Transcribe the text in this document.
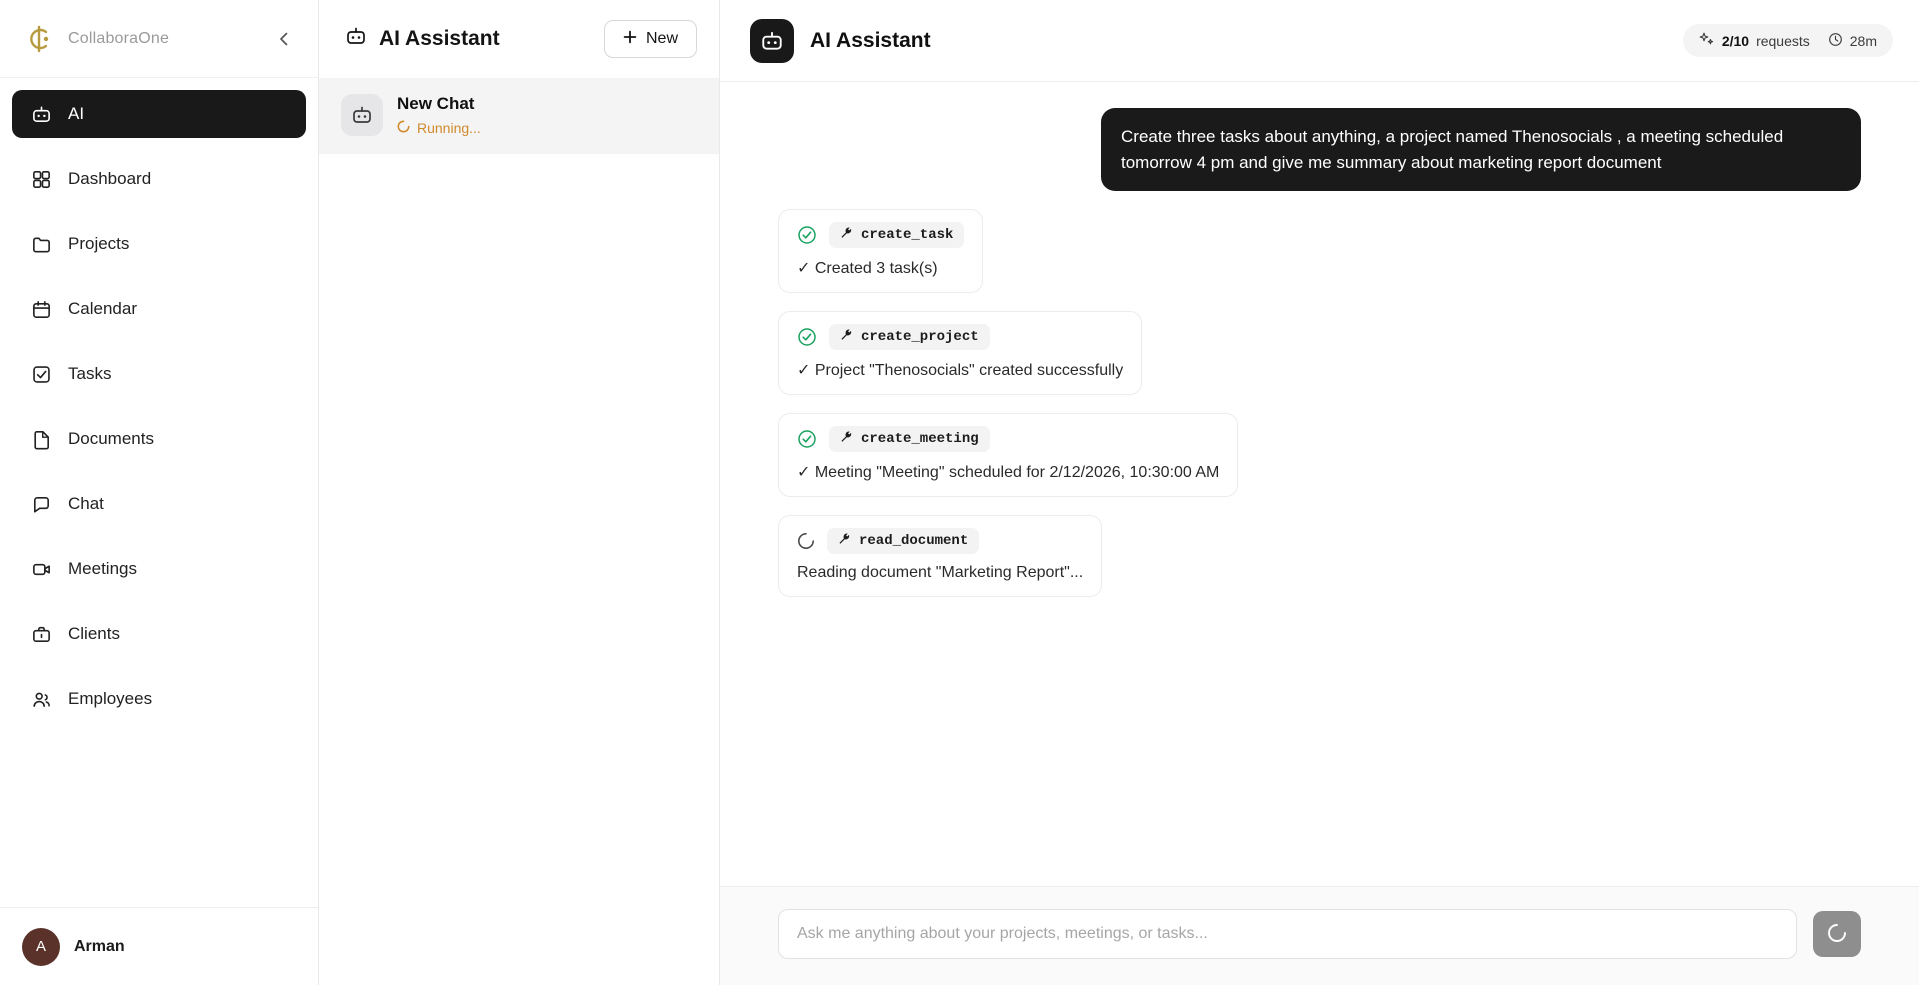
CollaboraOne
AI
Dashboard
Projects
Calendar
Tasks
Documents
Chat
Meetings
Clients
Employees
A	Arman
AI Assistant	New
New Chat
Running...
AI Assistant	2/10 requests	28m
Create three tasks about anything, a project named Thenosocials , a meeting scheduled tomorrow 4 pm and give me summary about marketing report document
create_task
✓ Created 3 task(s)
create_project
✓ Project "Thenosocials" created successfully
create_meeting
✓ Meeting "Meeting" scheduled for 2/12/2026, 10:30:00 AM
read_document
Reading document "Marketing Report"...
Ask me anything about your projects, meetings, or tasks...
